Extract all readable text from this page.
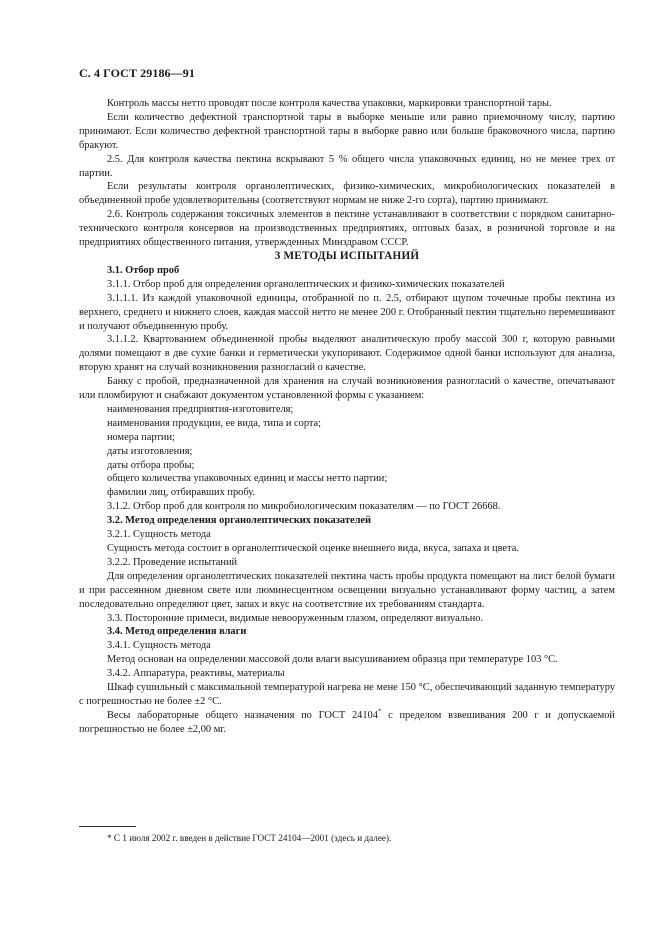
С. 4 ГОСТ 29186—91

Контроль массы нетто проводят после контроля качества упаковки, маркировки транспортной тары.

Если количество дефектной транспортной тары в выборке меньше или равно приемочному числу, партию принимают. Если количество дефектной транспортной тары в выборке равно или больше браковочного числа, партию бракуют.

2.5. Для контроля качества пектина вскрывают 5 % общего числа упаковочных единиц, но не менее трех от партии.

Если результаты контроля органолептических, физико-химических, микробиологических показателей в объединенной пробе удовлетворительны (соответствуют нормам не ниже 2-го сорта), партию принимают.

2.6. Контроль содержания токсичных элементов в пектине устанавливают в соответствии с порядком санитарно-технического контроля консервов на производственных предприятиях, оптовых базах, в розничной торговле и на предприятиях общественного питания, утвержденных Минздравом СССР.

3 МЕТОДЫ ИСПЫТАНИЙ

3.1. Отбор проб

3.1.1. Отбор проб для определения органолептических и физико-химических показателей

3.1.1.1. Из каждой упаковочной единицы, отобранной по п. 2.5, отбирают щупом точечные пробы пектина из верхнего, среднего и нижнего слоев, каждая массой нетто не менее 200 г. Отобранный пектин тщательно перемешивают и получают объединенную пробу.

3.1.1.2. Квартованием объединенной пробы выделяют аналитическую пробу массой 300 г, которую равными долями помещают в две сухие банки и герметически укупоривают. Содержимое одной банки используют для анализа, вторую хранят на случай возникновения разногласий о качестве.

Банку с пробой, предназначенной для хранения на случай возникновения разногласий о качестве, опечатывают или пломбируют и снабжают документом установленной формы с указанием:

наименования предприятия-изготовителя;

наименования продукции, ее вида, типа и сорта;

номера партии;

даты изготовления;

даты отбора пробы;

общего количества упаковочных единиц и массы нетто партии;

фамилии лиц, отбиравших пробу.

3.1.2. Отбор проб для контроля по микробиологическим показателям — по ГОСТ 26668.

3.2. Метод определения органолептических показателей

3.2.1. Сущность метода

Сущность метода состоит в органолептической оценке внешнего вида, вкуса, запаха и цвета.

3.2.2. Проведение испытаний

Для определения органолептических показателей пектина часть пробы продукта помещают на лист белой бумаги и при рассеянном дневном свете или люминесцентном освещении визуально устанавливают форму частиц, а затем последовательно определяют цвет, запах и вкус на соответствие их требованиям стандарта.

3.3. Посторонние примеси, видимые невооруженным глазом, определяют визуально.

3.4. Метод определения влаги

3.4.1. Сущность метода

Метод основан на определении массовой доли влаги высушиванием образца при температуре 103 °С.

3.4.2. Аппаратура, реактивы, материалы

Шкаф сушильный с максимальной температурой нагрева не мене 150 °С, обеспечивающий заданную температуру с погрешностью не более ±2 °С.

Весы лабораторные общего назначения по ГОСТ 24104* с пределом взвешивания 200 г и допускаемой погрешностью не более ±2,00 мг.

* С 1 июля 2002 г. введен в действие ГОСТ 24104—2001 (здесь и далее).
